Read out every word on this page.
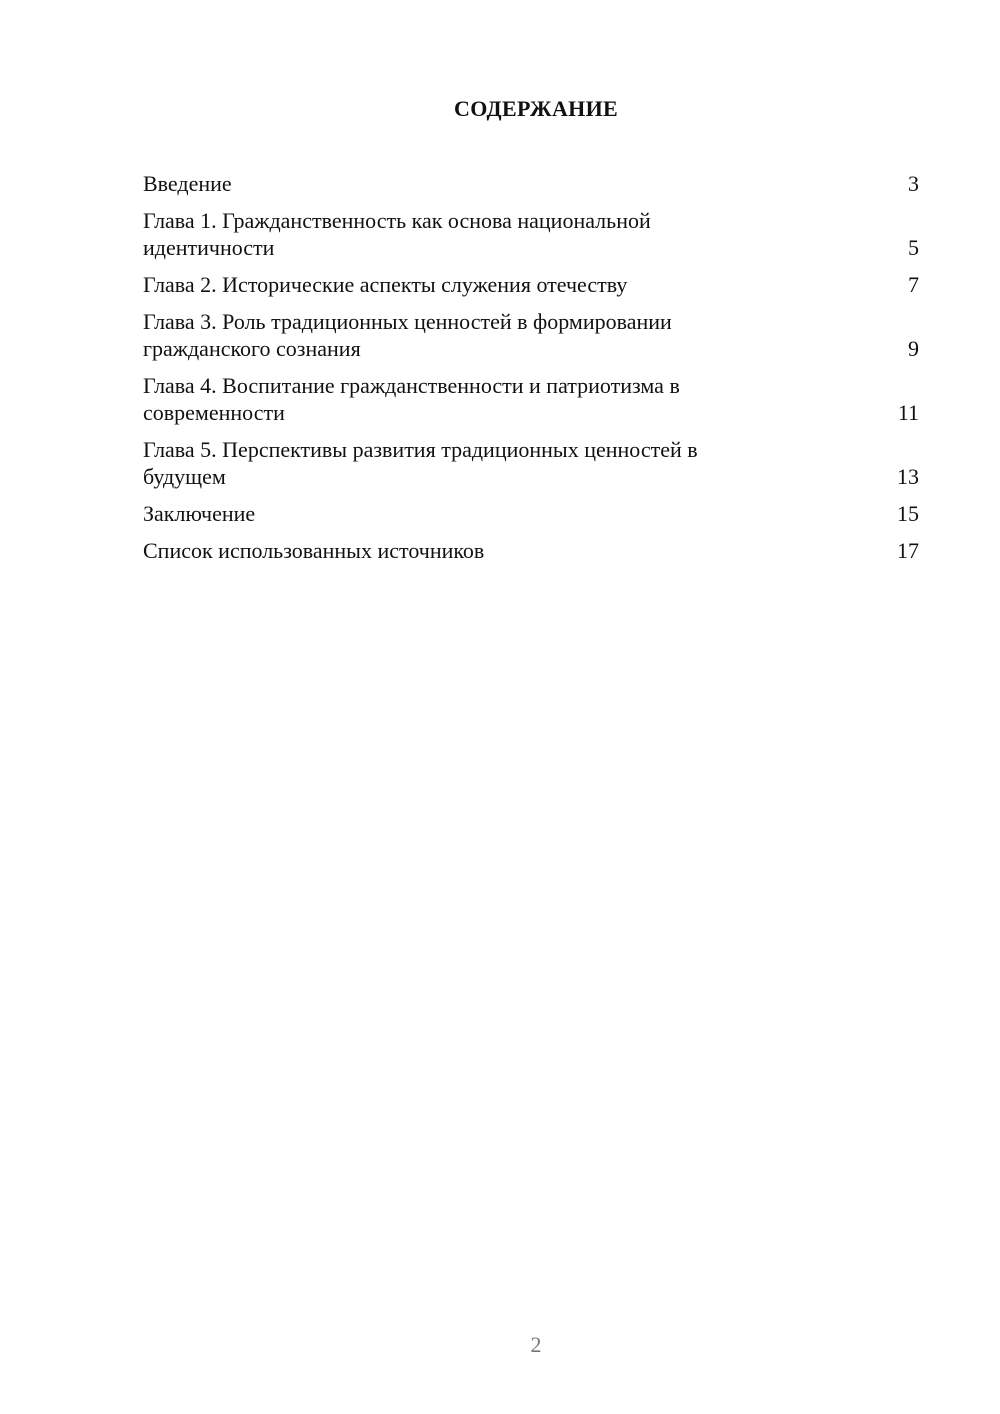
СОДЕРЖАНИЕ
Введение	3
Глава 1. Гражданственность как основа национальной
идентичности	5
Глава 2. Исторические аспекты служения отечеству	7
Глава 3. Роль традиционных ценностей в формировании
гражданского сознания	9
Глава 4. Воспитание гражданственности и патриотизма в
современности	11
Глава 5. Перспективы развития традиционных ценностей в
будущем	13
Заключение	15
Список использованных источников	17
2
